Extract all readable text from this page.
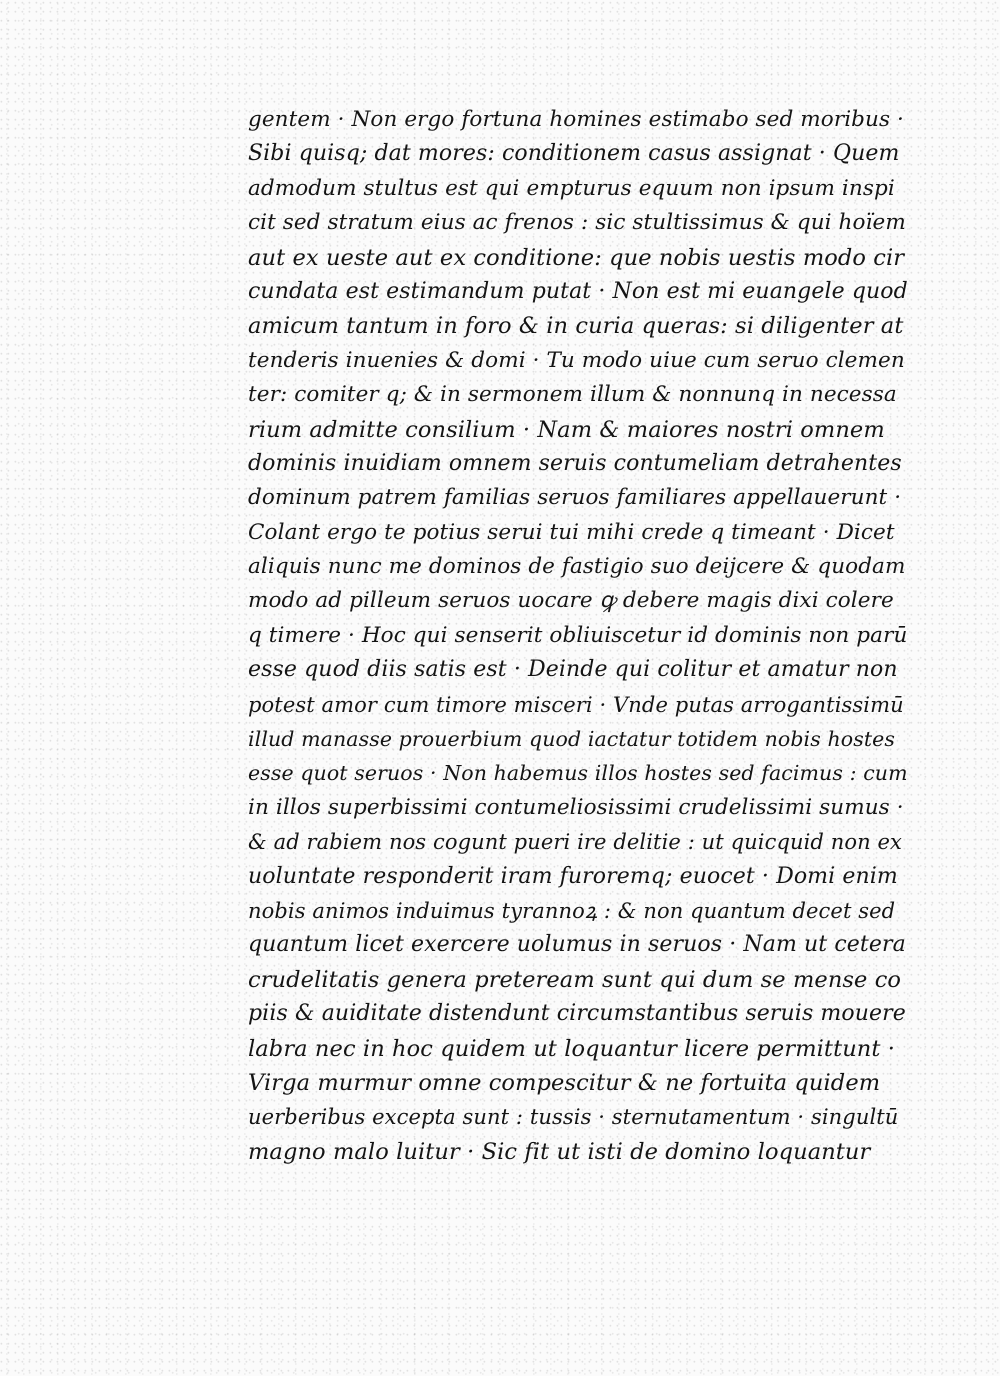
gentem · Non ergo fortuna homines estimabo sed moribus ·
Sibi quisq; dat mores: conditionem casus assignat · Quem
admodum stultus est qui empturus equum non ipsum inspi
cit sed stratum eius ac frenos : sic stultissimus & qui hoïem
aut ex ueste aut ex conditione: que nobis uestis modo cir
cundata est estimandum putat · Non est mi euangele quod
amicum tantum in foro & in curia queras: si diligenter at
tenderis inuenies & domi · Tu modo uiue cum seruo clemen
ter: comiter q; & in sermonem illum & nonnunq in necessa
rium admitte consilium · Nam & maiores nostri omnem
dominis inuidiam omnem seruis contumeliam detrahentes
dominum patrem familias seruos familiares appellauerunt ·
Colant ergo te potius serui tui mihi crede q timeant · Dicet
aliquis nunc me dominos de fastigio suo deijcere & quodam
modo ad pilleum seruos uocare ꝙ debere magis dixi colere
q timere · Hoc qui senserit obliuiscetur id dominis non parū
esse quod diis satis est · Deinde qui colitur et amatur non
potest amor cum timore misceri · Vnde putas arrogantissimū
illud manasse prouerbium quod iactatur totidem nobis hostes
esse quot seruos · Non habemus illos hostes sed facimus : cum
in illos superbissimi contumeliosissimi crudelissimi sumus ·
& ad rabiem nos cogunt pueri ire delitie : ut quicquid non ex
uoluntate responderit iram furoremq; euocet · Domi enim
nobis animos induimus tyrannoꝝ : & non quantum decet sed
quantum licet exercere uolumus in seruos · Nam ut cetera
crudelitatis genera preteream sunt qui dum se mense co
piis & auiditate distendunt circumstantibus seruis mouere
labra nec in hoc quidem ut loquantur licere permittunt ·
Virga murmur omne compescitur & ne fortuita quidem
uerberibus excepta sunt : tussis · sternutamentum · singultū
magno malo luitur · Sic fit ut isti de domino loquantur
